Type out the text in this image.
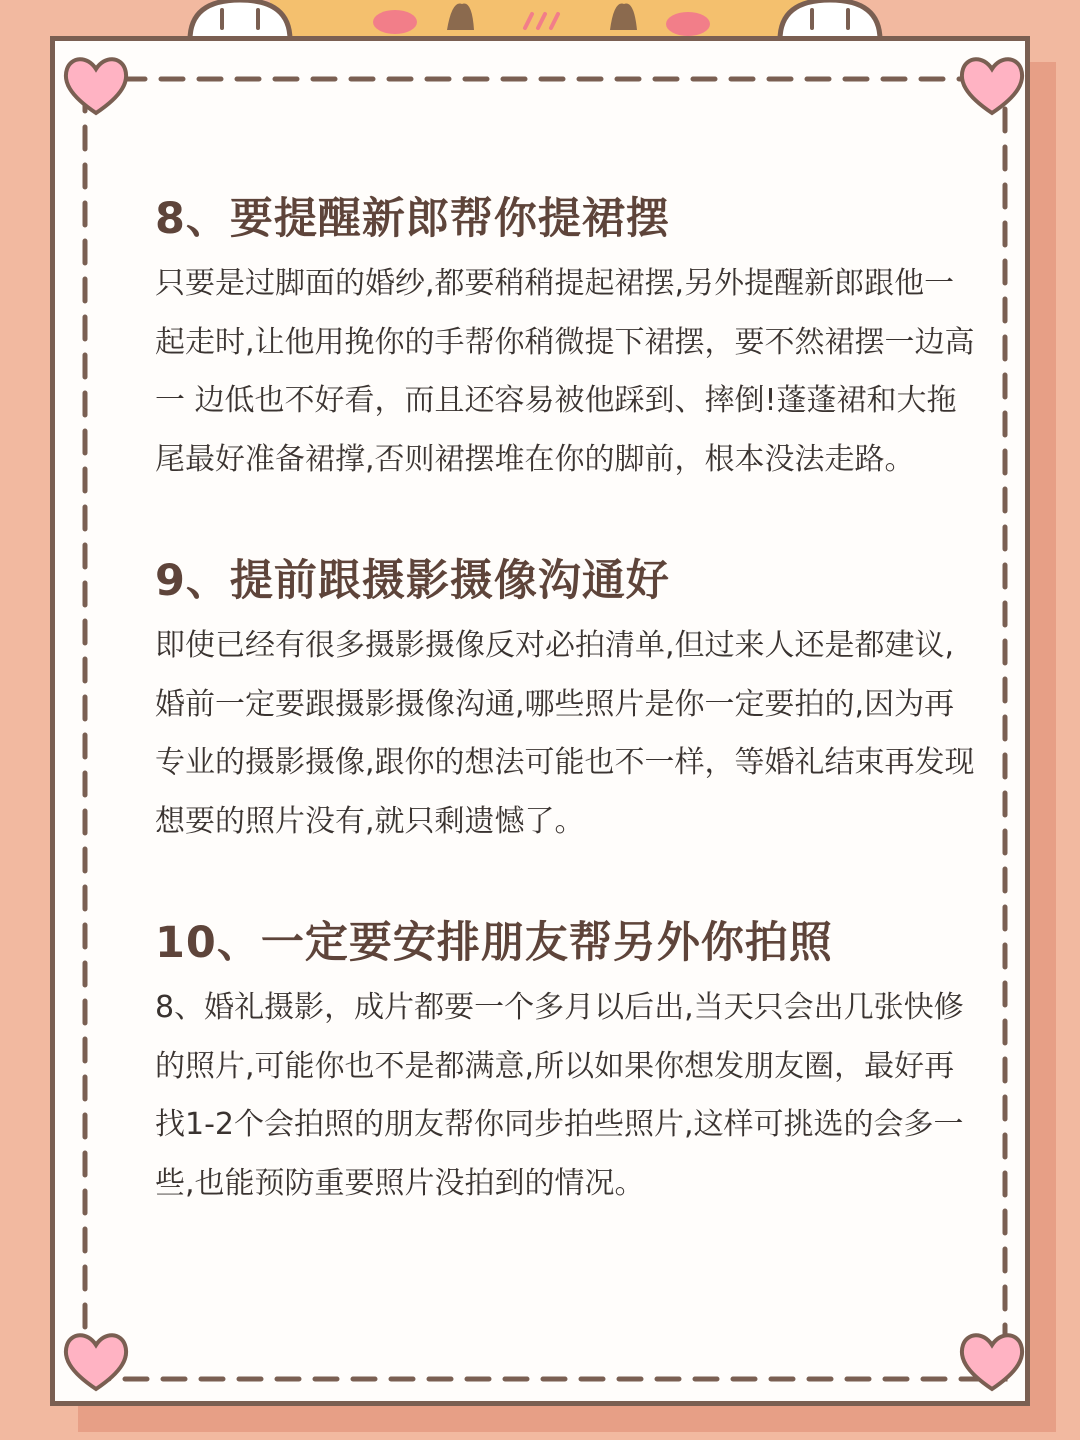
8、要提醒新郎帮你提裙摆

只要是过脚面的婚纱,都要稍稍提起裙摆,另外提醒新郎跟他一起走时,让他用挽你的手帮你稍微提下裙摆，要不然裙摆一边高一 边低也不好看，而且还容易被他踩到、摔倒!蓬蓬裙和大拖尾最好准备裙撑,否则裙摆堆在你的脚前，根本没法走路。

9、提前跟摄影摄像沟通好

即使已经有很多摄影摄像反对必拍清单,但过来人还是都建议,婚前一定要跟摄影摄像沟通,哪些照片是你一定要拍的,因为再专业的摄影摄像,跟你的想法可能也不一样，等婚礼结束再发现想要的照片没有,就只剩遗憾了。

10、一定要安排朋友帮另外你拍照

8、婚礼摄影，成片都要一个多月以后出,当天只会出几张快修的照片,可能你也不是都满意,所以如果你想发朋友圈，最好再找1-2个会拍照的朋友帮你同步拍些照片,这样可挑选的会多一些,也能预防重要照片没拍到的情况。
